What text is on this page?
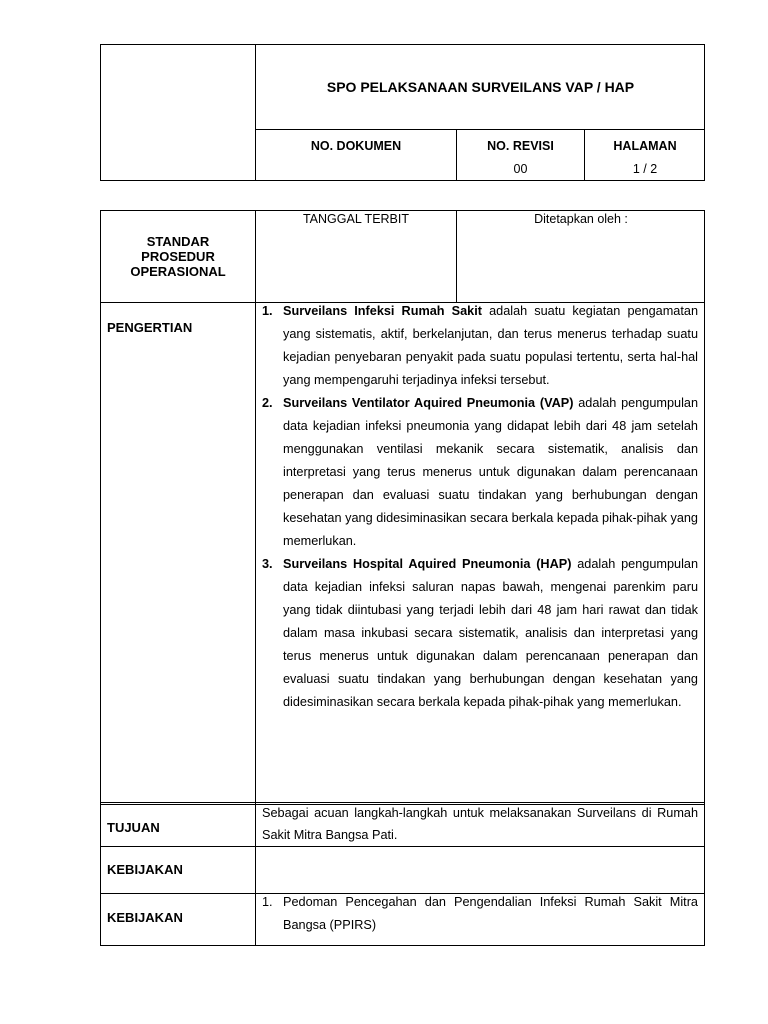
SPO PELAKSANAAN SURVEILANS VAP / HAP
NO. DOKUMEN	NO. REVISI
00
HALAMAN
1 / 2
STANDAR PROSEDUR OPERASIONAL
TANGGAL TERBIT	Ditetapkan oleh :
PENGERTIAN
1. Surveilans Infeksi Rumah Sakit adalah suatu kegiatan pengamatan yang sistematis, aktif, berkelanjutan, dan terus menerus terhadap suatu kejadian penyebaran penyakit pada suatu populasi tertentu, serta hal-hal yang mempengaruhi terjadinya infeksi tersebut.
2. Surveilans Ventilator Aquired Pneumonia (VAP) adalah pengumpulan data kejadian infeksi pneumonia yang didapat lebih dari 48 jam setelah menggunakan ventilasi mekanik secara sistematik, analisis dan interpretasi yang terus menerus untuk digunakan dalam perencanaan penerapan dan evaluasi suatu tindakan yang berhubungan dengan kesehatan yang didesiminasikan secara berkala kepada pihak-pihak yang memerlukan.
3. Surveilans Hospital Aquired Pneumonia (HAP) adalah pengumpulan data kejadian infeksi saluran napas bawah, mengenai parenkim paru yang tidak diintubasi yang terjadi lebih dari 48 jam hari rawat dan tidak dalam masa inkubasi secara sistematik, analisis dan interpretasi yang terus menerus untuk digunakan dalam perencanaan penerapan dan evaluasi suatu tindakan yang berhubungan dengan kesehatan yang didesiminasikan secara berkala kepada pihak-pihak yang memerlukan.
TUJUAN
Sebagai acuan langkah-langkah untuk melaksanakan Surveilans di Rumah Sakit Mitra Bangsa Pati.
KEBIJAKAN
KEBIJAKAN
1. Pedoman Pencegahan dan Pengendalian Infeksi Rumah Sakit Mitra Bangsa (PPIRS)
